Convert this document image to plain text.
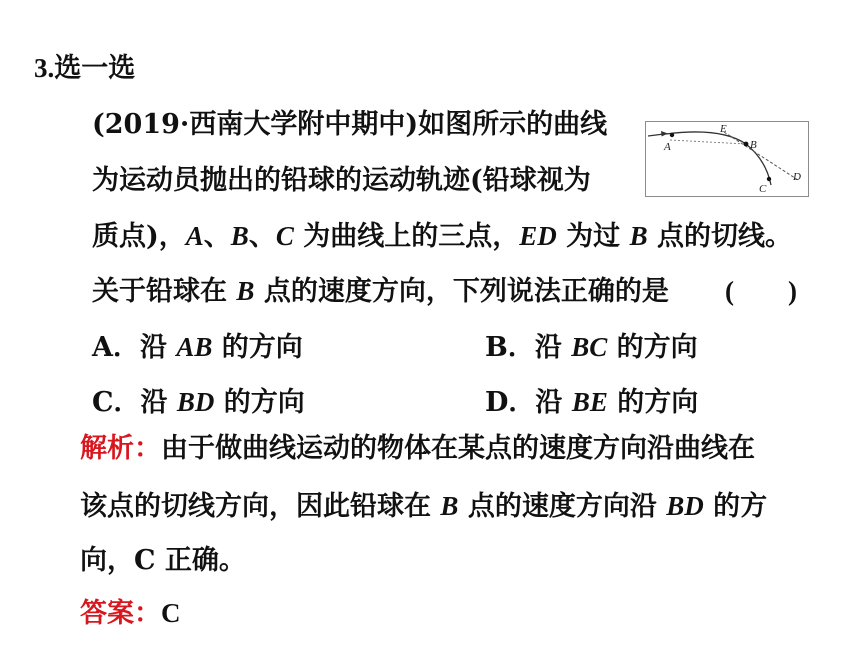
3.选一选
(2019·西南大学附中期中)如图所示的曲线
A
E
B
C
D
为运动员抛出的铅球的运动轨迹(铅球视为
质点)，A、B、C 为曲线上的三点，ED 为过 B 点的切线。
关于铅球在 B 点的速度方向，下列说法正确的是 (　　)
A．沿 AB 的方向	B．沿 BC 的方向
C．沿 BD 的方向	D．沿 BE 的方向
解析：由于做曲线运动的物体在某点的速度方向沿曲线在
该点的切线方向，因此铅球在 B 点的速度方向沿 BD 的方
向，C 正确。
答案：C
